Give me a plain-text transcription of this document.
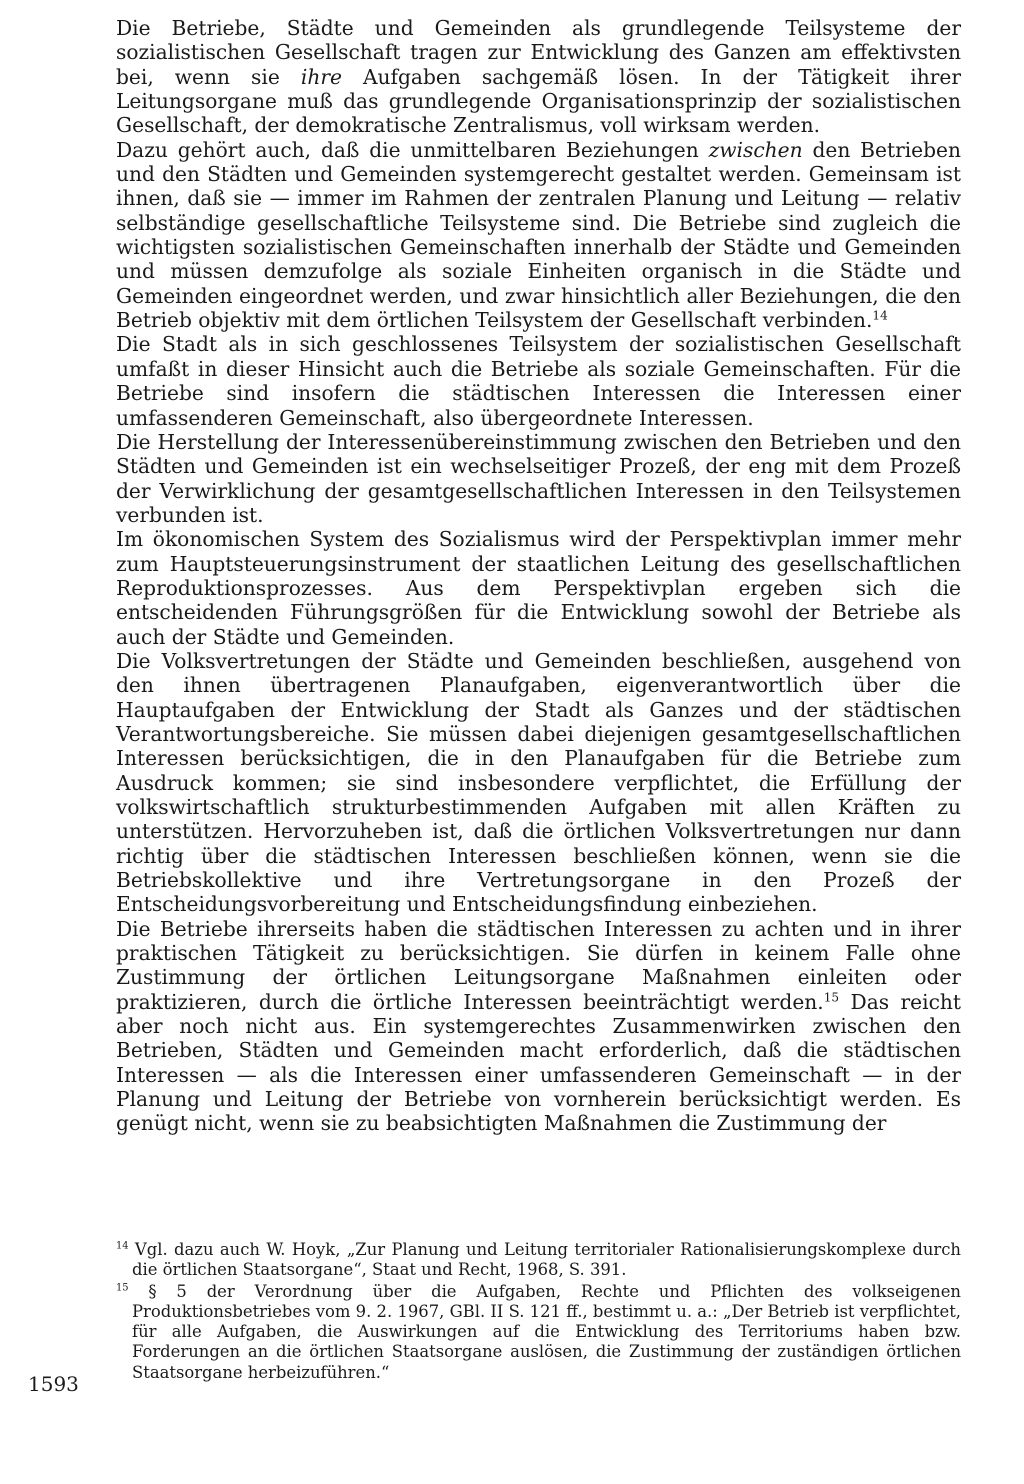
Die Betriebe, Städte und Gemeinden als grundlegende Teilsysteme der sozialistischen Gesellschaft tragen zur Entwicklung des Ganzen am effektivsten bei, wenn sie ihre Aufgaben sachgemäß lösen. In der Tätigkeit ihrer Leitungsorgane muß das grundlegende Organisationsprinzip der sozialistischen Gesellschaft, der demokratische Zentralismus, voll wirksam werden.

Dazu gehört auch, daß die unmittelbaren Beziehungen zwischen den Betrieben und den Städten und Gemeinden systemgerecht gestaltet werden. Gemeinsam ist ihnen, daß sie — immer im Rahmen der zentralen Planung und Leitung — relativ selbständige gesellschaftliche Teilsysteme sind. Die Betriebe sind zugleich die wichtigsten sozialistischen Gemeinschaften innerhalb der Städte und Gemeinden und müssen demzufolge als soziale Einheiten organisch in die Städte und Gemeinden eingeordnet werden, und zwar hinsichtlich aller Beziehungen, die den Betrieb objektiv mit dem örtlichen Teilsystem der Gesellschaft verbinden.$^{14}$

Die Stadt als in sich geschlossenes Teilsystem der sozialistischen Gesellschaft umfaßt in dieser Hinsicht auch die Betriebe als soziale Gemeinschaften. Für die Betriebe sind insofern die städtischen Interessen die Interessen einer umfassenderen Gemeinschaft, also übergeordnete Interessen.

Die Herstellung der Interessenübereinstimmung zwischen den Betrieben und den Städten und Gemeinden ist ein wechselseitiger Prozeß, der eng mit dem Prozeß der Verwirklichung der gesamtgesellschaftlichen Interessen in den Teilsystemen verbunden ist.

Im ökonomischen System des Sozialismus wird der Perspektivplan immer mehr zum Hauptsteuerungsinstrument der staatlichen Leitung des gesellschaftlichen Reproduktionsprozesses. Aus dem Perspektivplan ergeben sich die entscheidenden Führungsgrößen für die Entwicklung sowohl der Betriebe als auch der Städte und Gemeinden.

Die Volksvertretungen der Städte und Gemeinden beschließen, ausgehend von den ihnen übertragenen Planaufgaben, eigenverantwortlich über die Hauptaufgaben der Entwicklung der Stadt als Ganzes und der städtischen Verantwortungsbereiche. Sie müssen dabei diejenigen gesamtgesellschaftlichen Interessen berücksichtigen, die in den Planaufgaben für die Betriebe zum Ausdruck kommen; sie sind insbesondere verpflichtet, die Erfüllung der volkswirtschaftlich strukturbestimmenden Aufgaben mit allen Kräften zu unterstützen. Hervorzuheben ist, daß die örtlichen Volksvertretungen nur dann richtig über die städtischen Interessen beschließen können, wenn sie die Betriebskollektive und ihre Vertretungsorgane in den Prozeß der Entscheidungsvorbereitung und Entscheidungsfindung einbeziehen.

Die Betriebe ihrerseits haben die städtischen Interessen zu achten und in ihrer praktischen Tätigkeit zu berücksichtigen. Sie dürfen in keinem Falle ohne Zustimmung der örtlichen Leitungsorgane Maßnahmen einleiten oder praktizieren, durch die örtliche Interessen beeinträchtigt werden.$^{15}$ Das reicht aber noch nicht aus. Ein systemgerechtes Zusammenwirken zwischen den Betrieben, Städten und Gemeinden macht erforderlich, daß die städtischen Interessen — als die Interessen einer umfassenderen Gemeinschaft — in der Planung und Leitung der Betriebe von vornherein berücksichtigt werden. Es genügt nicht, wenn sie zu beabsichtigten Maßnahmen die Zustimmung der

$^{14}$ Vgl. dazu auch W. Hoyk, „Zur Planung und Leitung territorialer Rationalisierungskomplexe durch die örtlichen Staatsorgane“, Staat und Recht, 1968, S. 391.

$^{15}$ § 5 der Verordnung über die Aufgaben, Rechte und Pflichten des volkseigenen Produktionsbetriebes vom 9. 2. 1967, GBl. II S. 121 ff., bestimmt u. a.: „Der Betrieb ist verpflichtet, für alle Aufgaben, die Auswirkungen auf die Entwicklung des Territoriums haben bzw. Forderungen an die örtlichen Staatsorgane auslösen, die Zustimmung der zuständigen örtlichen Staatsorgane herbeizuführen.“

1593
